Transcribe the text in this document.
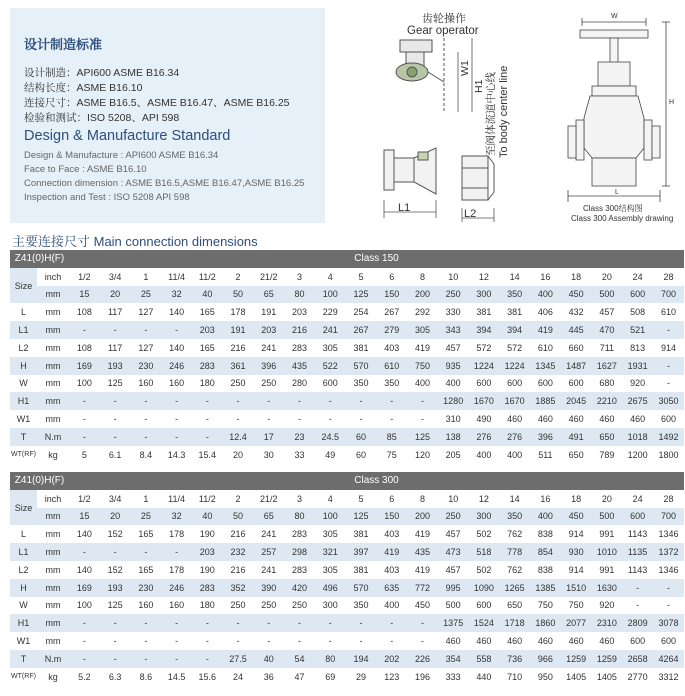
设计制造标准
设计制造：API600 ASME B16.34
结构长度：ASME B16.10
连接尺寸：ASME B16.5、ASME B16.47、ASME B16.25
检验和测试：ISO 5208、API 598
Design & Manufacture Standard
Design & Manufacture : API600 ASME B16.34
Face to Face : ASME B16.10
Connection dimension : ASME B16.5,ASME B16.47,ASME B16.25
Inspection and Test : ISO 5208 API 598
齿轮操作
Gear operator
W1
H1 至阀体流道中心线 To body center line
L1	L2
W
H
L
Class 300结构图
Class 300 Assembly drawing
主要连接尺寸 Main connection dimensions
Z41(0)H(F)		Class 150																			
Size	inch	1/2	3/4	1	11/4	11/2	2	21/2	3	4	5	6	8	10	12	14	16	18	20	24	28
	mm	15	20	25	32	40	50	65	80	100	125	150	200	250	300	350	400	450	500	600	700
L	mm	108	117	127	140	165	178	191	203	229	254	267	292	330	381	381	406	432	457	508	610
L1	mm	-	-	-	-	203	191	203	216	241	267	279	305	343	394	394	419	445	470	521	-
L2	mm	108	117	127	140	165	216	241	283	305	381	403	419	457	572	572	610	660	711	813	914
H	mm	169	193	230	246	283	361	396	435	522	570	610	750	935	1224	1224	1345	1487	1627	1931	-
W	mm	100	125	160	160	180	250	250	280	600	350	350	400	400	600	600	600	600	680	920	-
H1	mm	-	-	-	-	-	-	-	-	-	-	-	-	1280	1670	1670	1885	2045	2210	2675	3050
W1	mm	-	-	-	-	-	-	-	-	-	-	-	-	310	490	460	460	460	460	460	600
T	N.m	-	-	-	-	-	12.4	17	23	24.5	60	85	125	138	276	276	396	491	650	1018	1492
WT(RF)	kg	5	6.1	8.4	14.3	15.4	20	30	33	49	60	75	120	205	400	400	511	650	789	1200	1800
Z41(0)H(F)		Class 300																			
Size	inch	1/2	3/4	1	11/4	11/2	2	21/2	3	4	5	6	8	10	12	14	16	18	20	24	28
	mm	15	20	25	32	40	50	65	80	100	125	150	200	250	300	350	400	450	500	600	700
L	mm	140	152	165	178	190	216	241	283	305	381	403	419	457	502	762	838	914	991	1143	1346
L1	mm	-	-	-	-	203	232	257	298	321	397	419	435	473	518	778	854	930	1010	1135	1372
L2	mm	140	152	165	178	190	216	241	283	305	381	403	419	457	502	762	838	914	991	1143	1346
H	mm	169	193	230	246	283	352	390	420	496	570	635	772	995	1090	1265	1385	1510	1630	-	-
W	mm	100	125	160	160	180	250	250	250	300	350	400	450	500	600	650	750	750	920	-	-
H1	mm	-	-	-	-	-	-	-	-	-	-	-	-	1375	1524	1718	1860	2077	2310	2809	3078
W1	mm	-	-	-	-	-	-	-	-	-	-	-	-	460	460	460	460	460	460	600	600
T	N.m	-	-	-	-	-	27.5	40	54	80	194	202	226	354	558	736	966	1259	1259	2658	4264
WT(RF)	kg	5.2	6.3	8.6	14.5	15.6	24	36	47	69	29	123	196	333	440	710	950	1405	1405	2770	3312
